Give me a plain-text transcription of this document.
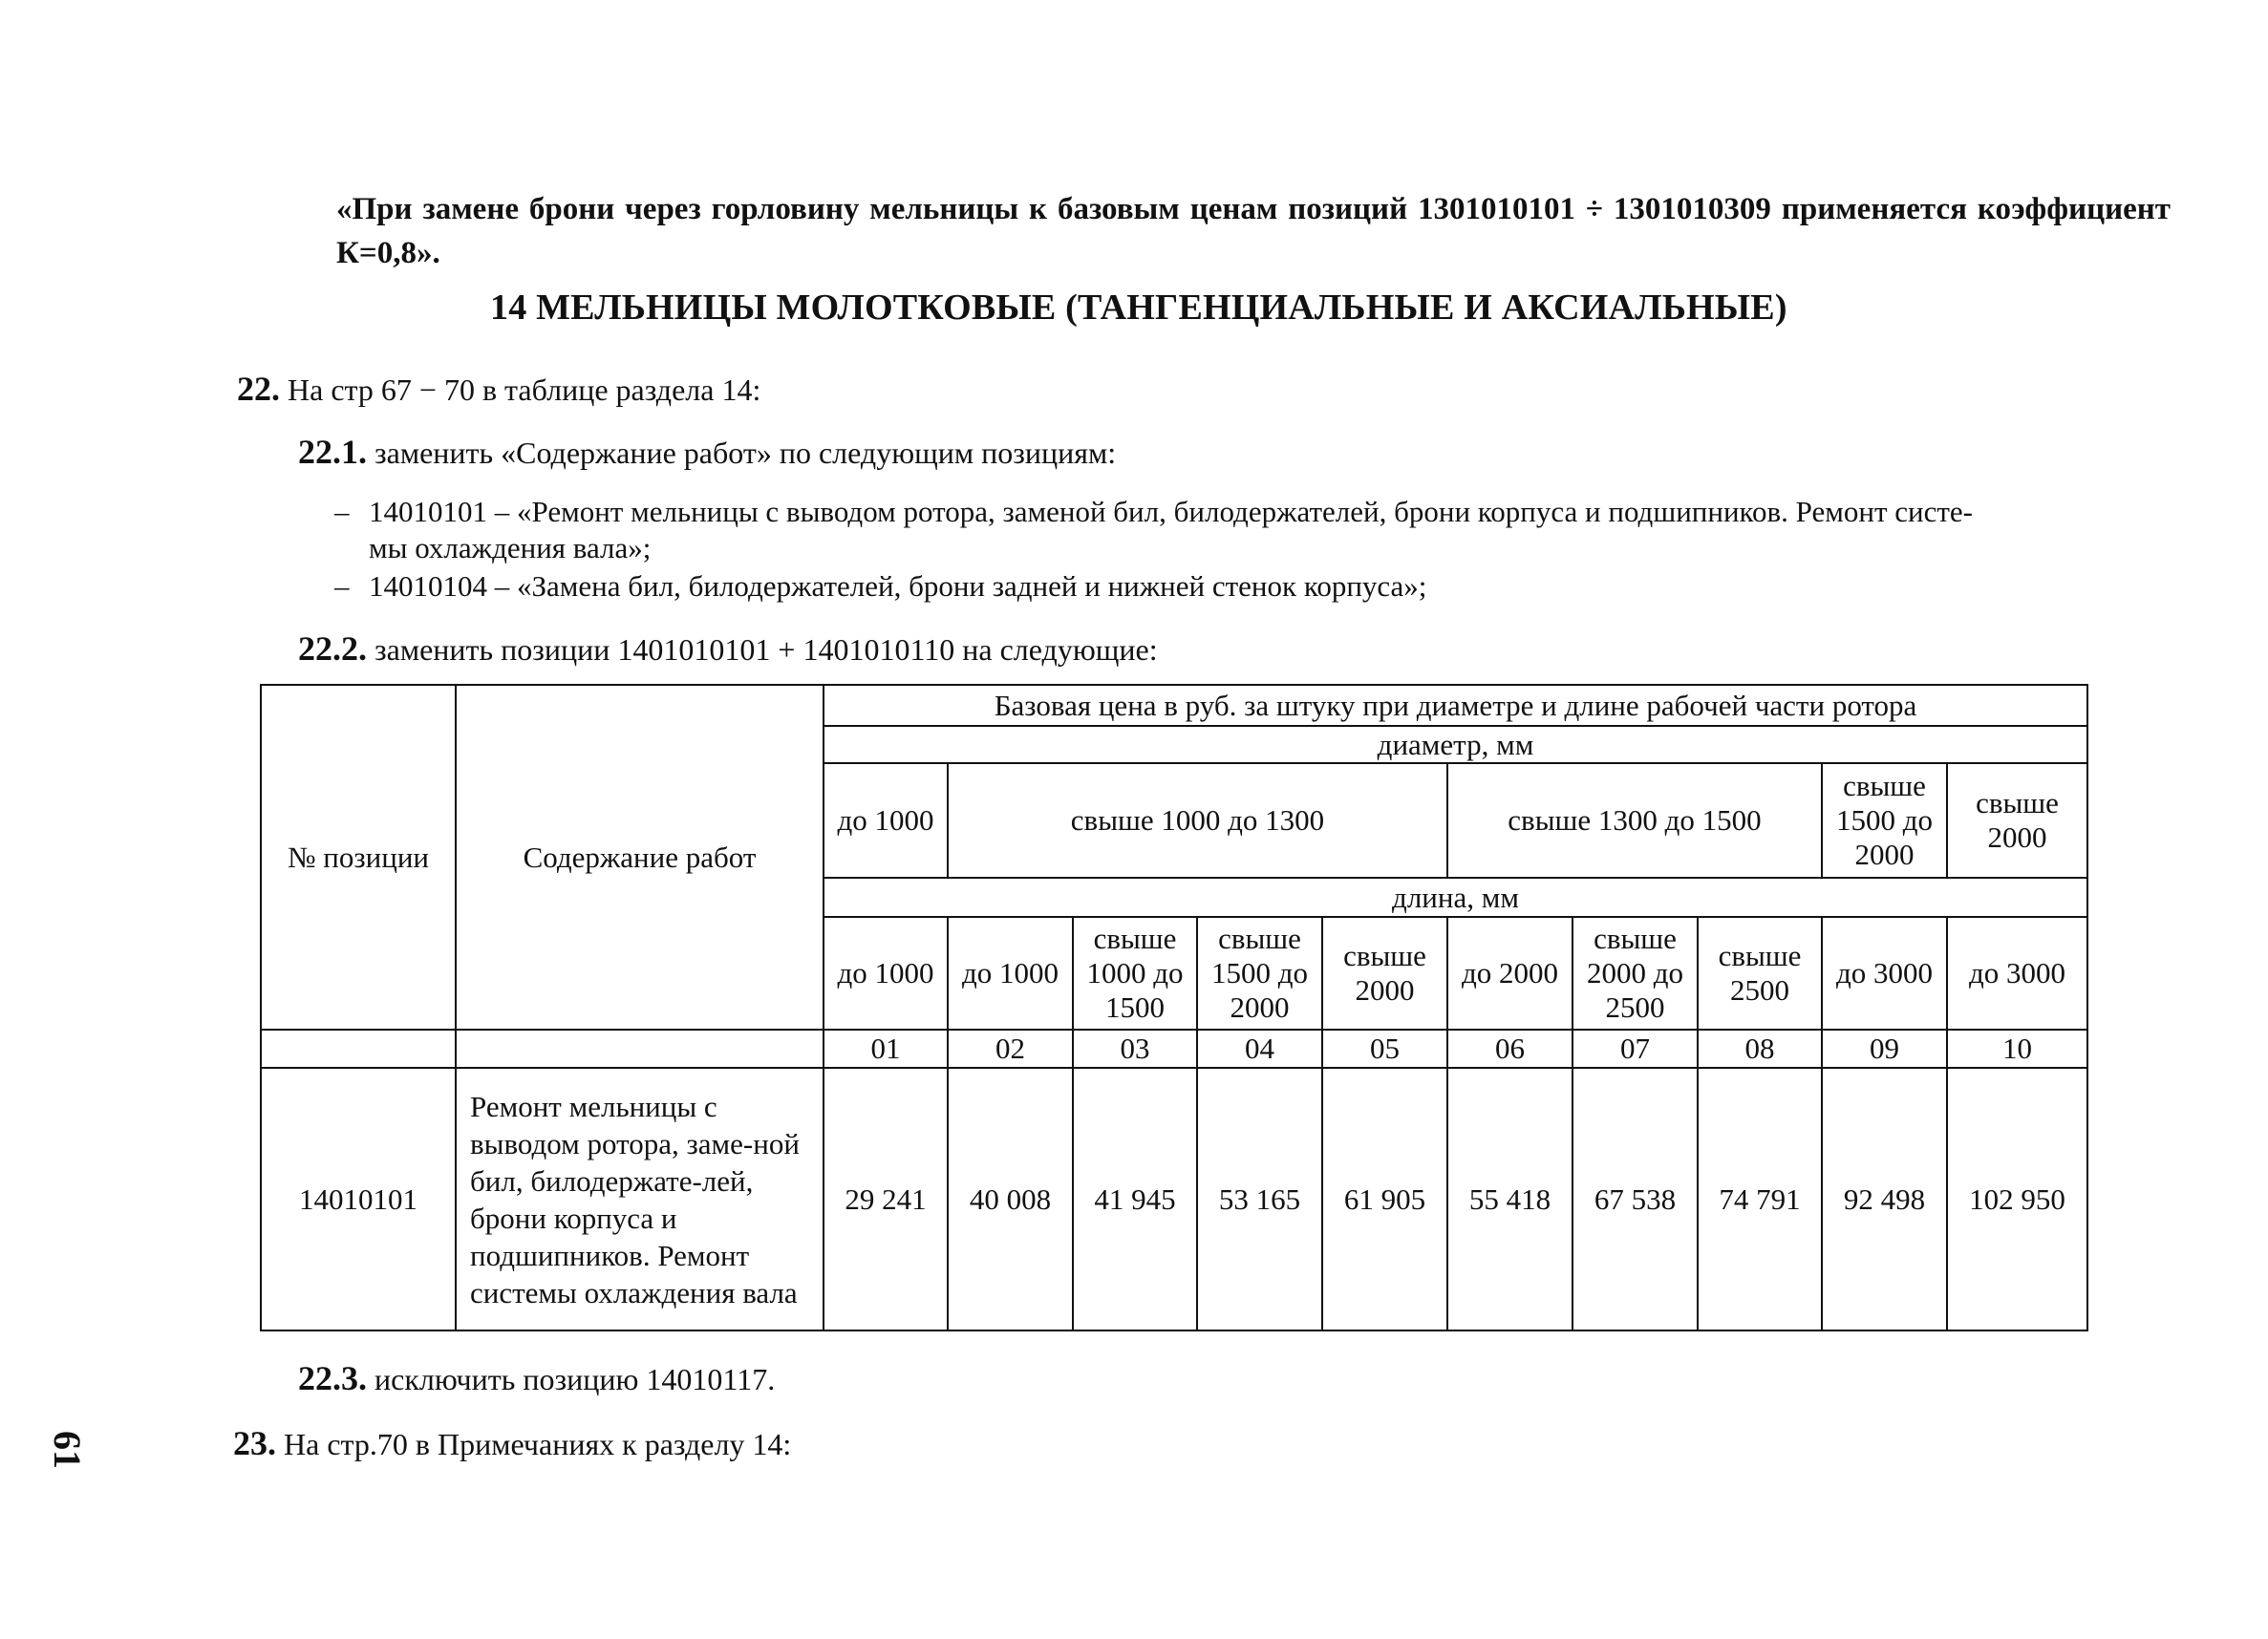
«При замене брони через горловину мельницы к базовым ценам позиций 1301010101 ÷ 1301010309 применяется коэффициент
К=0,8».
14 МЕЛЬНИЦЫ МОЛОТКОВЫЕ (ТАНГЕНЦИАЛЬНЫЕ И АКСИАЛЬНЫЕ)
22. На стр 67 − 70 в таблице раздела 14:
22.1. заменить «Содержание работ» по следующим позициям:
– 14010101 – «Ремонт мельницы с выводом ротора, заменой бил, билодержателей, брони корпуса и подшипников. Ремонт систе-
мы охлаждения вала»;
– 14010104 – «Замена бил, билодержателей, брони задней и нижней стенок корпуса»;
22.2. заменить позиции 1401010101 + 1401010110 на следующие:
№ позиции	Содержание работ	Базовая цена в руб. за штуку при диаметре и длине рабочей части ротора									
		диаметр, мм									
		до 1000	свыше 1000 до 1300				свыше 1300 до 1500			свыше 1500 до 2000	свыше 2000
		длина, мм									
		до 1000	до 1000	свыше 1000 до 1500	свыше 1500 до 2000	свыше 2000	до 2000	свыше 2000 до 2500	свыше 2500	до 3000	до 3000
		01	02	03	04	05	06	07	08	09	10
14010101	Ремонт мельницы с выводом ротора, заме-ной бил, билодержате-лей, брони корпуса и подшипников. Ремонт системы охлаждения вала	29 241	40 008	41 945	53 165	61 905	55 418	67 538	74 791	92 498	102 950
22.3. исключить позицию 14010117.
23. На стр.70 в Примечаниях к разделу 14:
61
